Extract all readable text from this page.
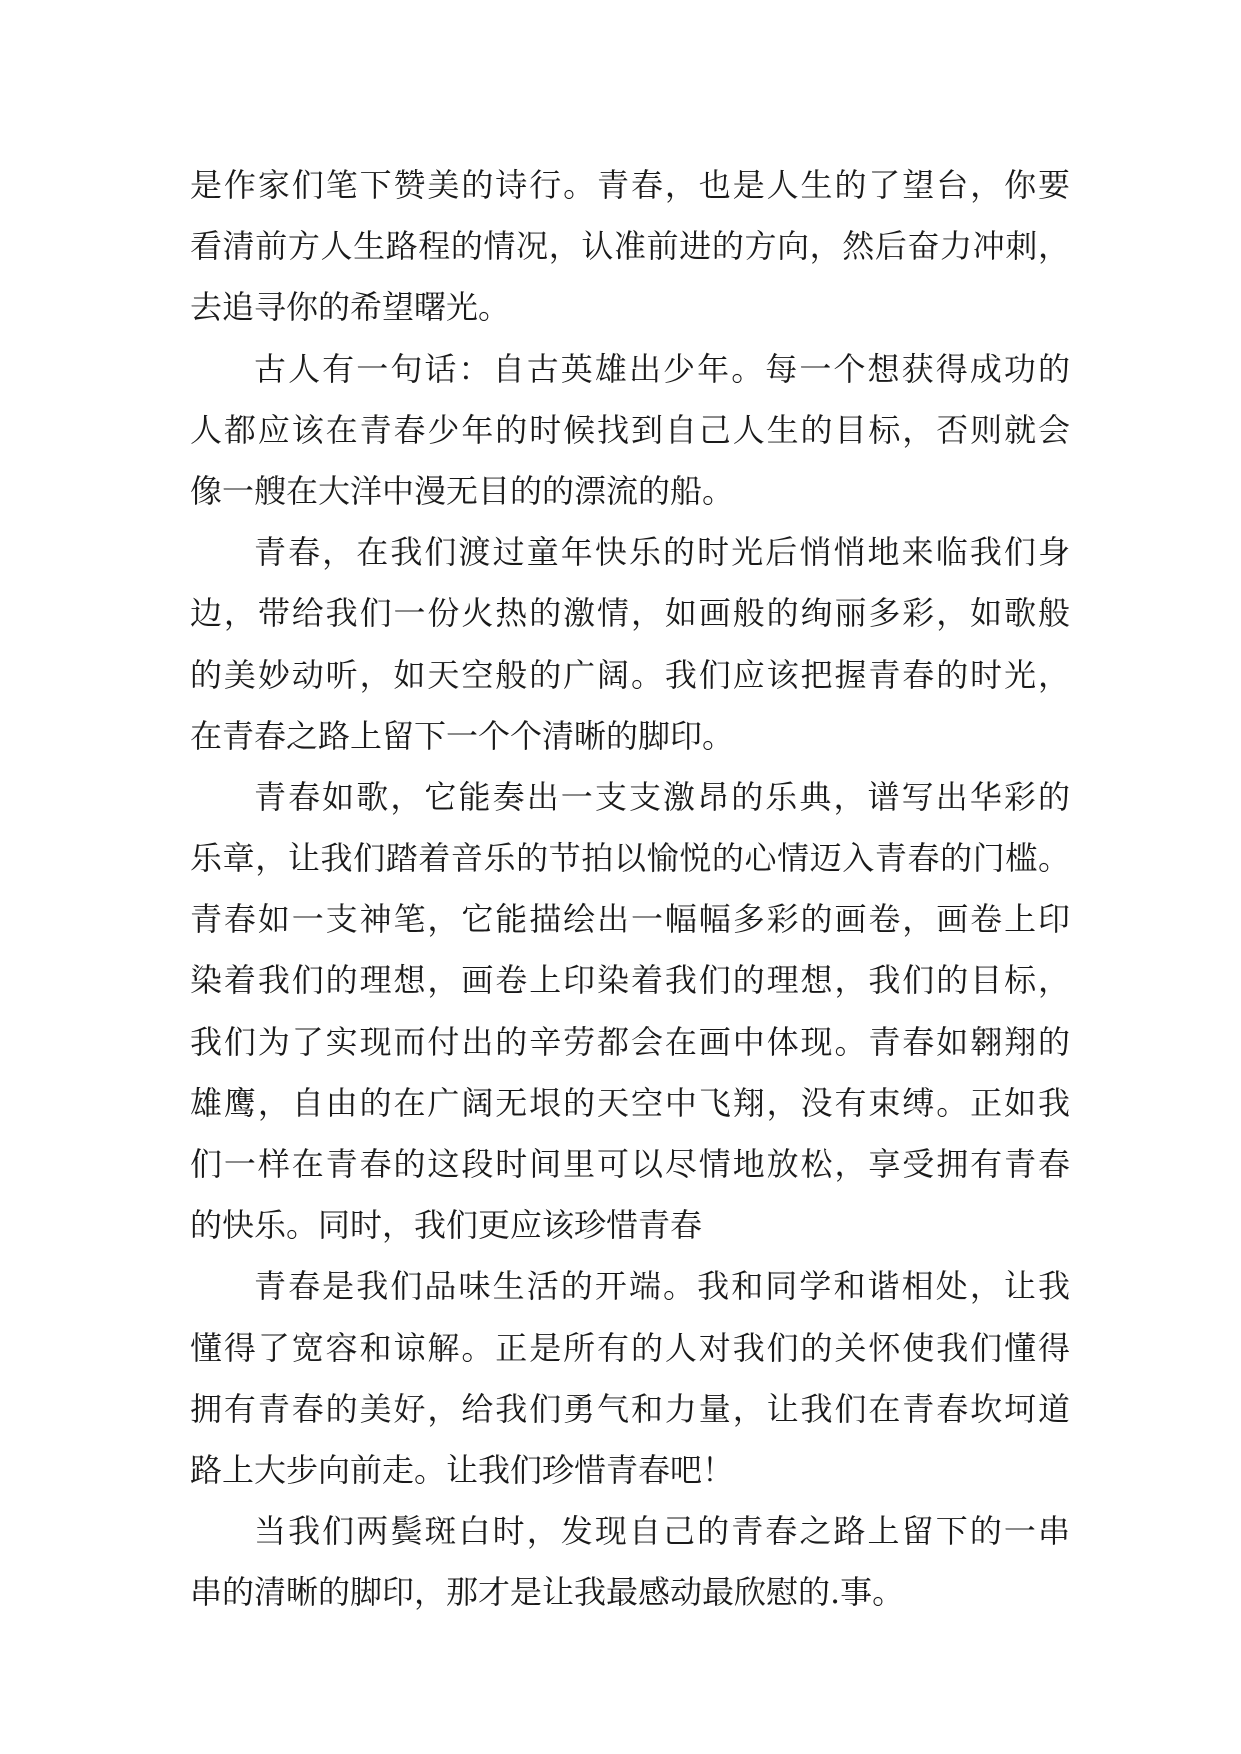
是作家们笔下赞美的诗行。青春，也是人生的了望台，你要
看清前方人生路程的情况，认准前进的方向，然后奋力冲刺，
去追寻你的希望曙光。
古人有一句话：自古英雄出少年。每一个想获得成功的
人都应该在青春少年的时候找到自己人生的目标，否则就会
像一艘在大洋中漫无目的的漂流的船。
青春，在我们渡过童年快乐的时光后悄悄地来临我们身
边，带给我们一份火热的激情，如画般的绚丽多彩，如歌般
的美妙动听，如天空般的广阔。我们应该把握青春的时光，
在青春之路上留下一个个清晰的脚印。
青春如歌，它能奏出一支支激昂的乐典，谱写出华彩的
乐章，让我们踏着音乐的节拍以愉悦的心情迈入青春的门槛。
青春如一支神笔，它能描绘出一幅幅多彩的画卷，画卷上印
染着我们的理想，画卷上印染着我们的理想，我们的目标，
我们为了实现而付出的辛劳都会在画中体现。青春如翱翔的
雄鹰，自由的在广阔无垠的天空中飞翔，没有束缚。正如我
们一样在青春的这段时间里可以尽情地放松，享受拥有青春
的快乐。同时，我们更应该珍惜青春
青春是我们品味生活的开端。我和同学和谐相处，让我
懂得了宽容和谅解。正是所有的人对我们的关怀使我们懂得
拥有青春的美好，给我们勇气和力量，让我们在青春坎坷道
路上大步向前走。让我们珍惜青春吧！
当我们两鬓斑白时，发现自己的青春之路上留下的一串
串的清晰的脚印，那才是让我最感动最欣慰的.事。
